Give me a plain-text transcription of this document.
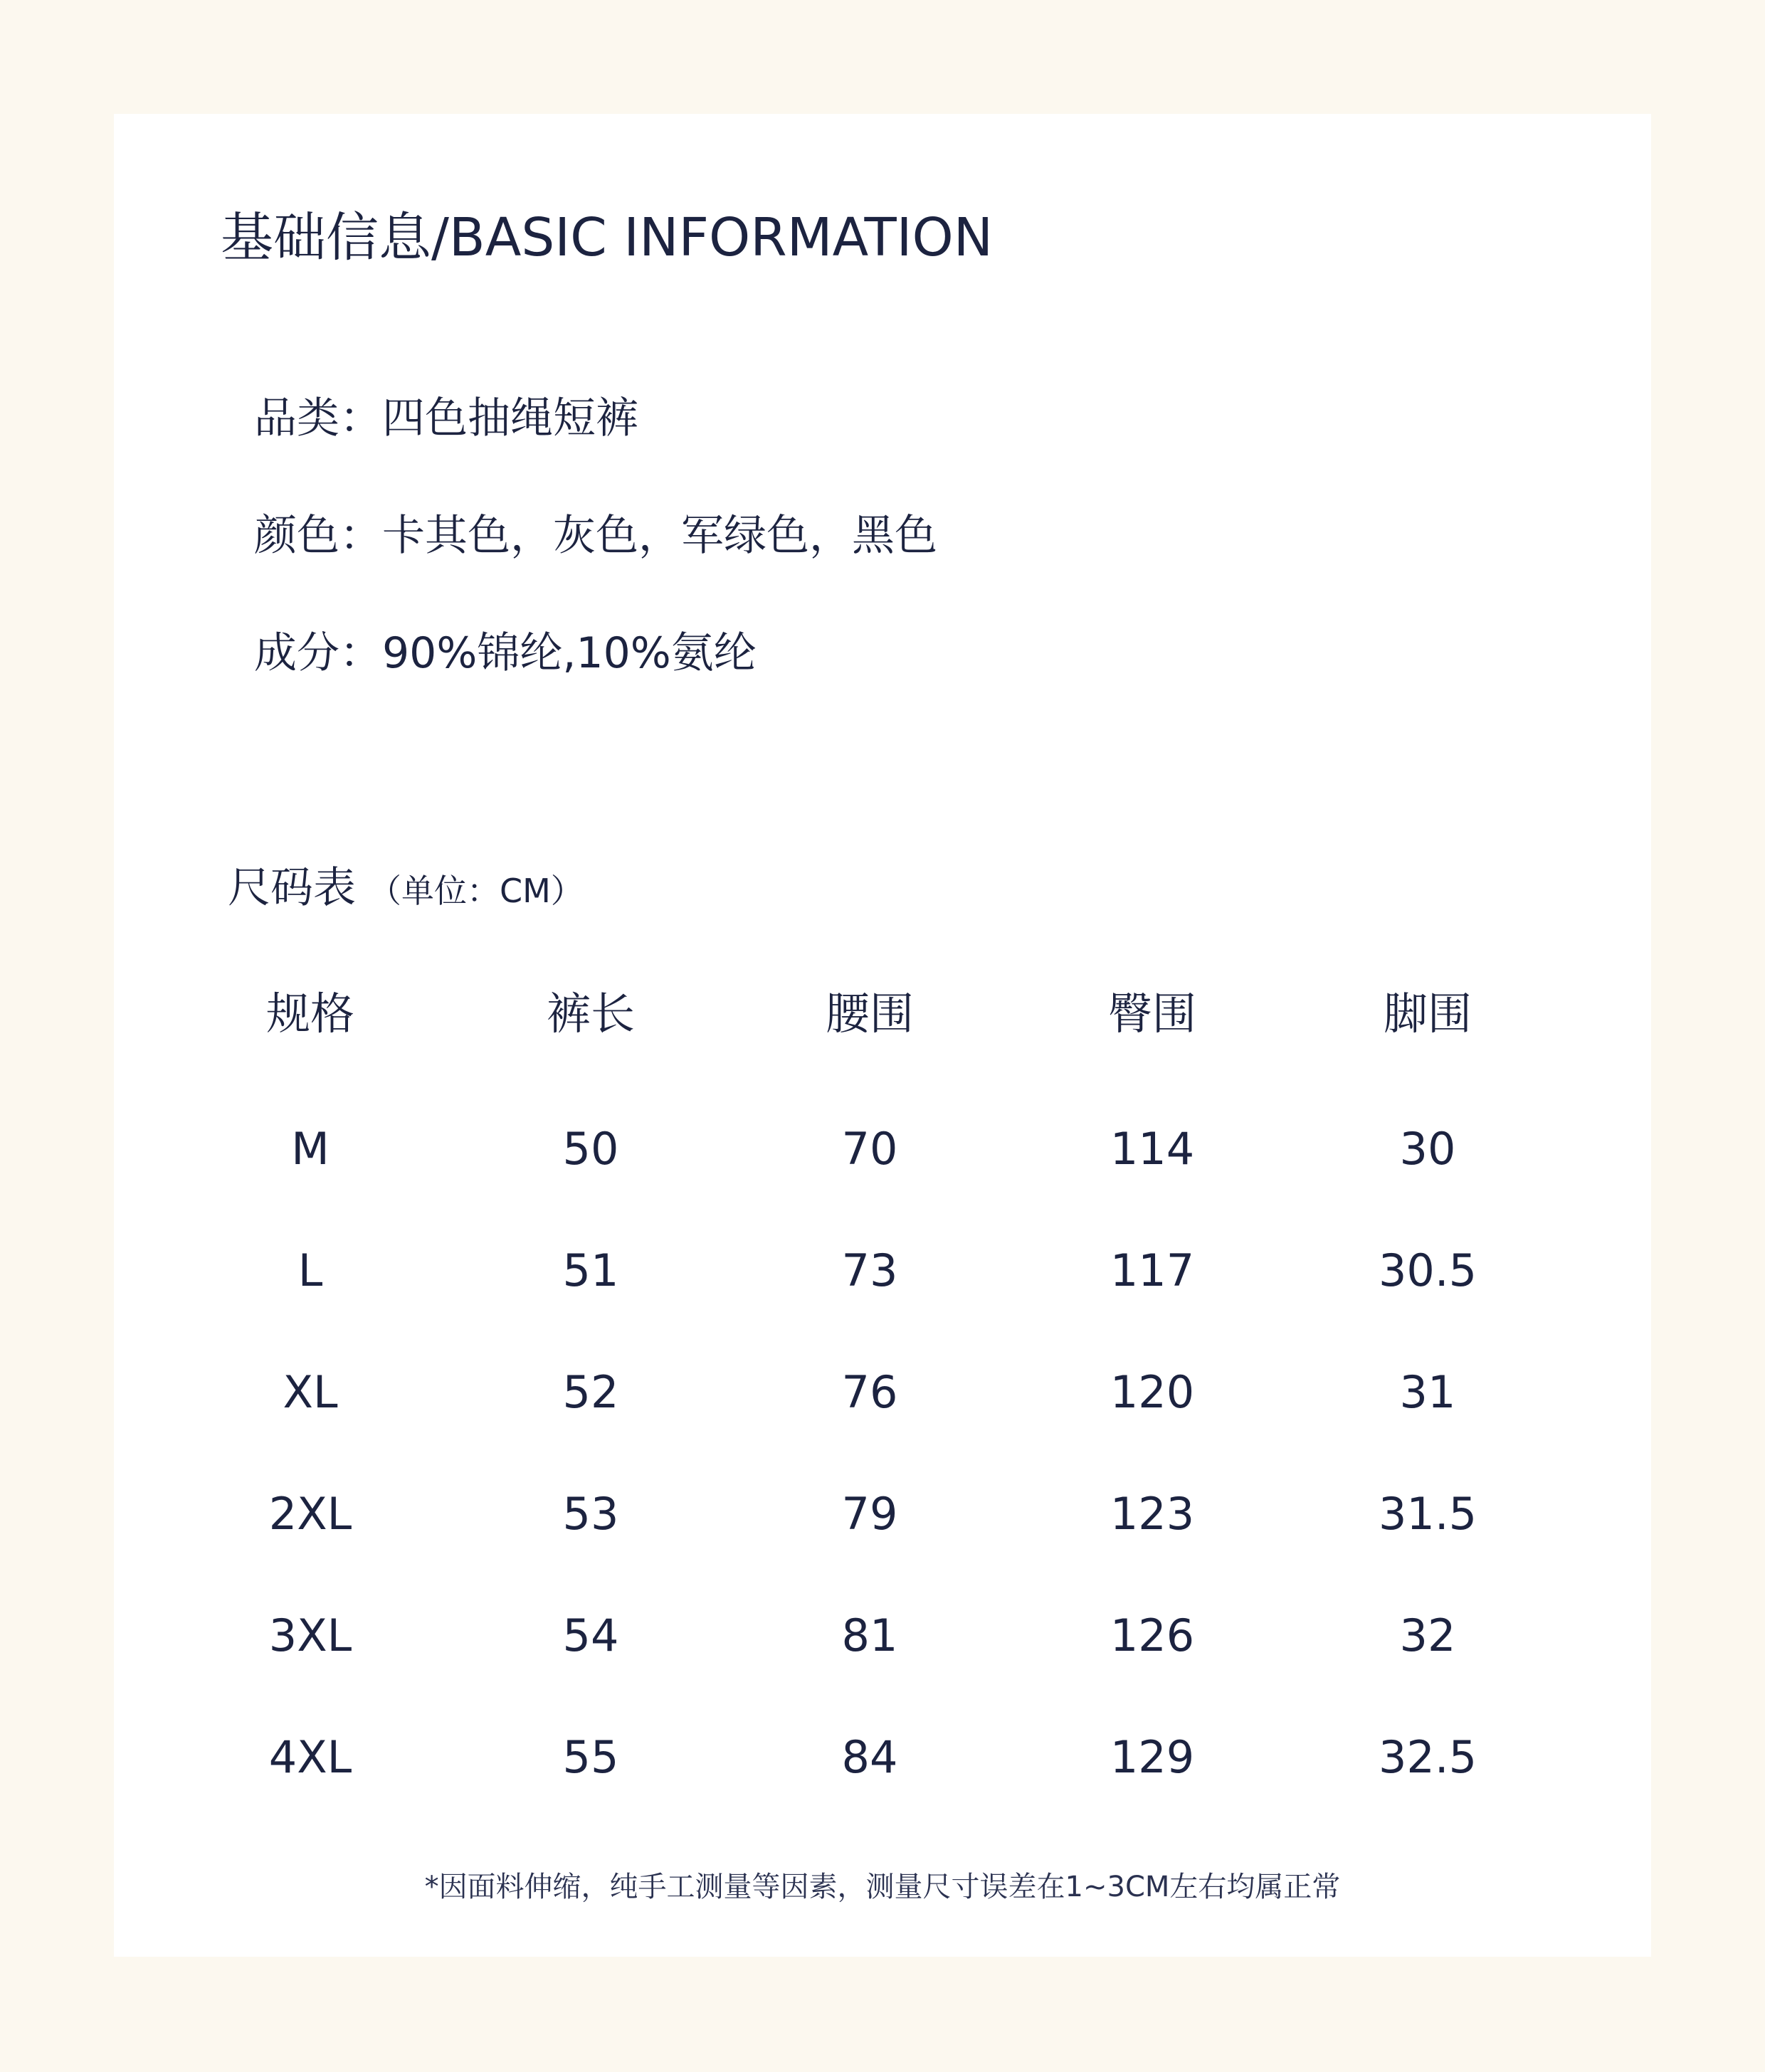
基础信息/BASIC INFORMATION
品类：四色抽绳短裤
颜色：卡其色，灰色，军绿色，黑色
成分：90%锦纶,10%氨纶
尺码表 （单位：CM）
规格	裤长	腰围	臀围	脚围
M	50	70	114	30
L	51	73	117	30.5
XL	52	76	120	31
2XL	53	79	123	31.5
3XL	54	81	126	32
4XL	55	84	129	32.5
*因面料伸缩，纯手工测量等因素，测量尺寸误差在1~3CM左右均属正常
